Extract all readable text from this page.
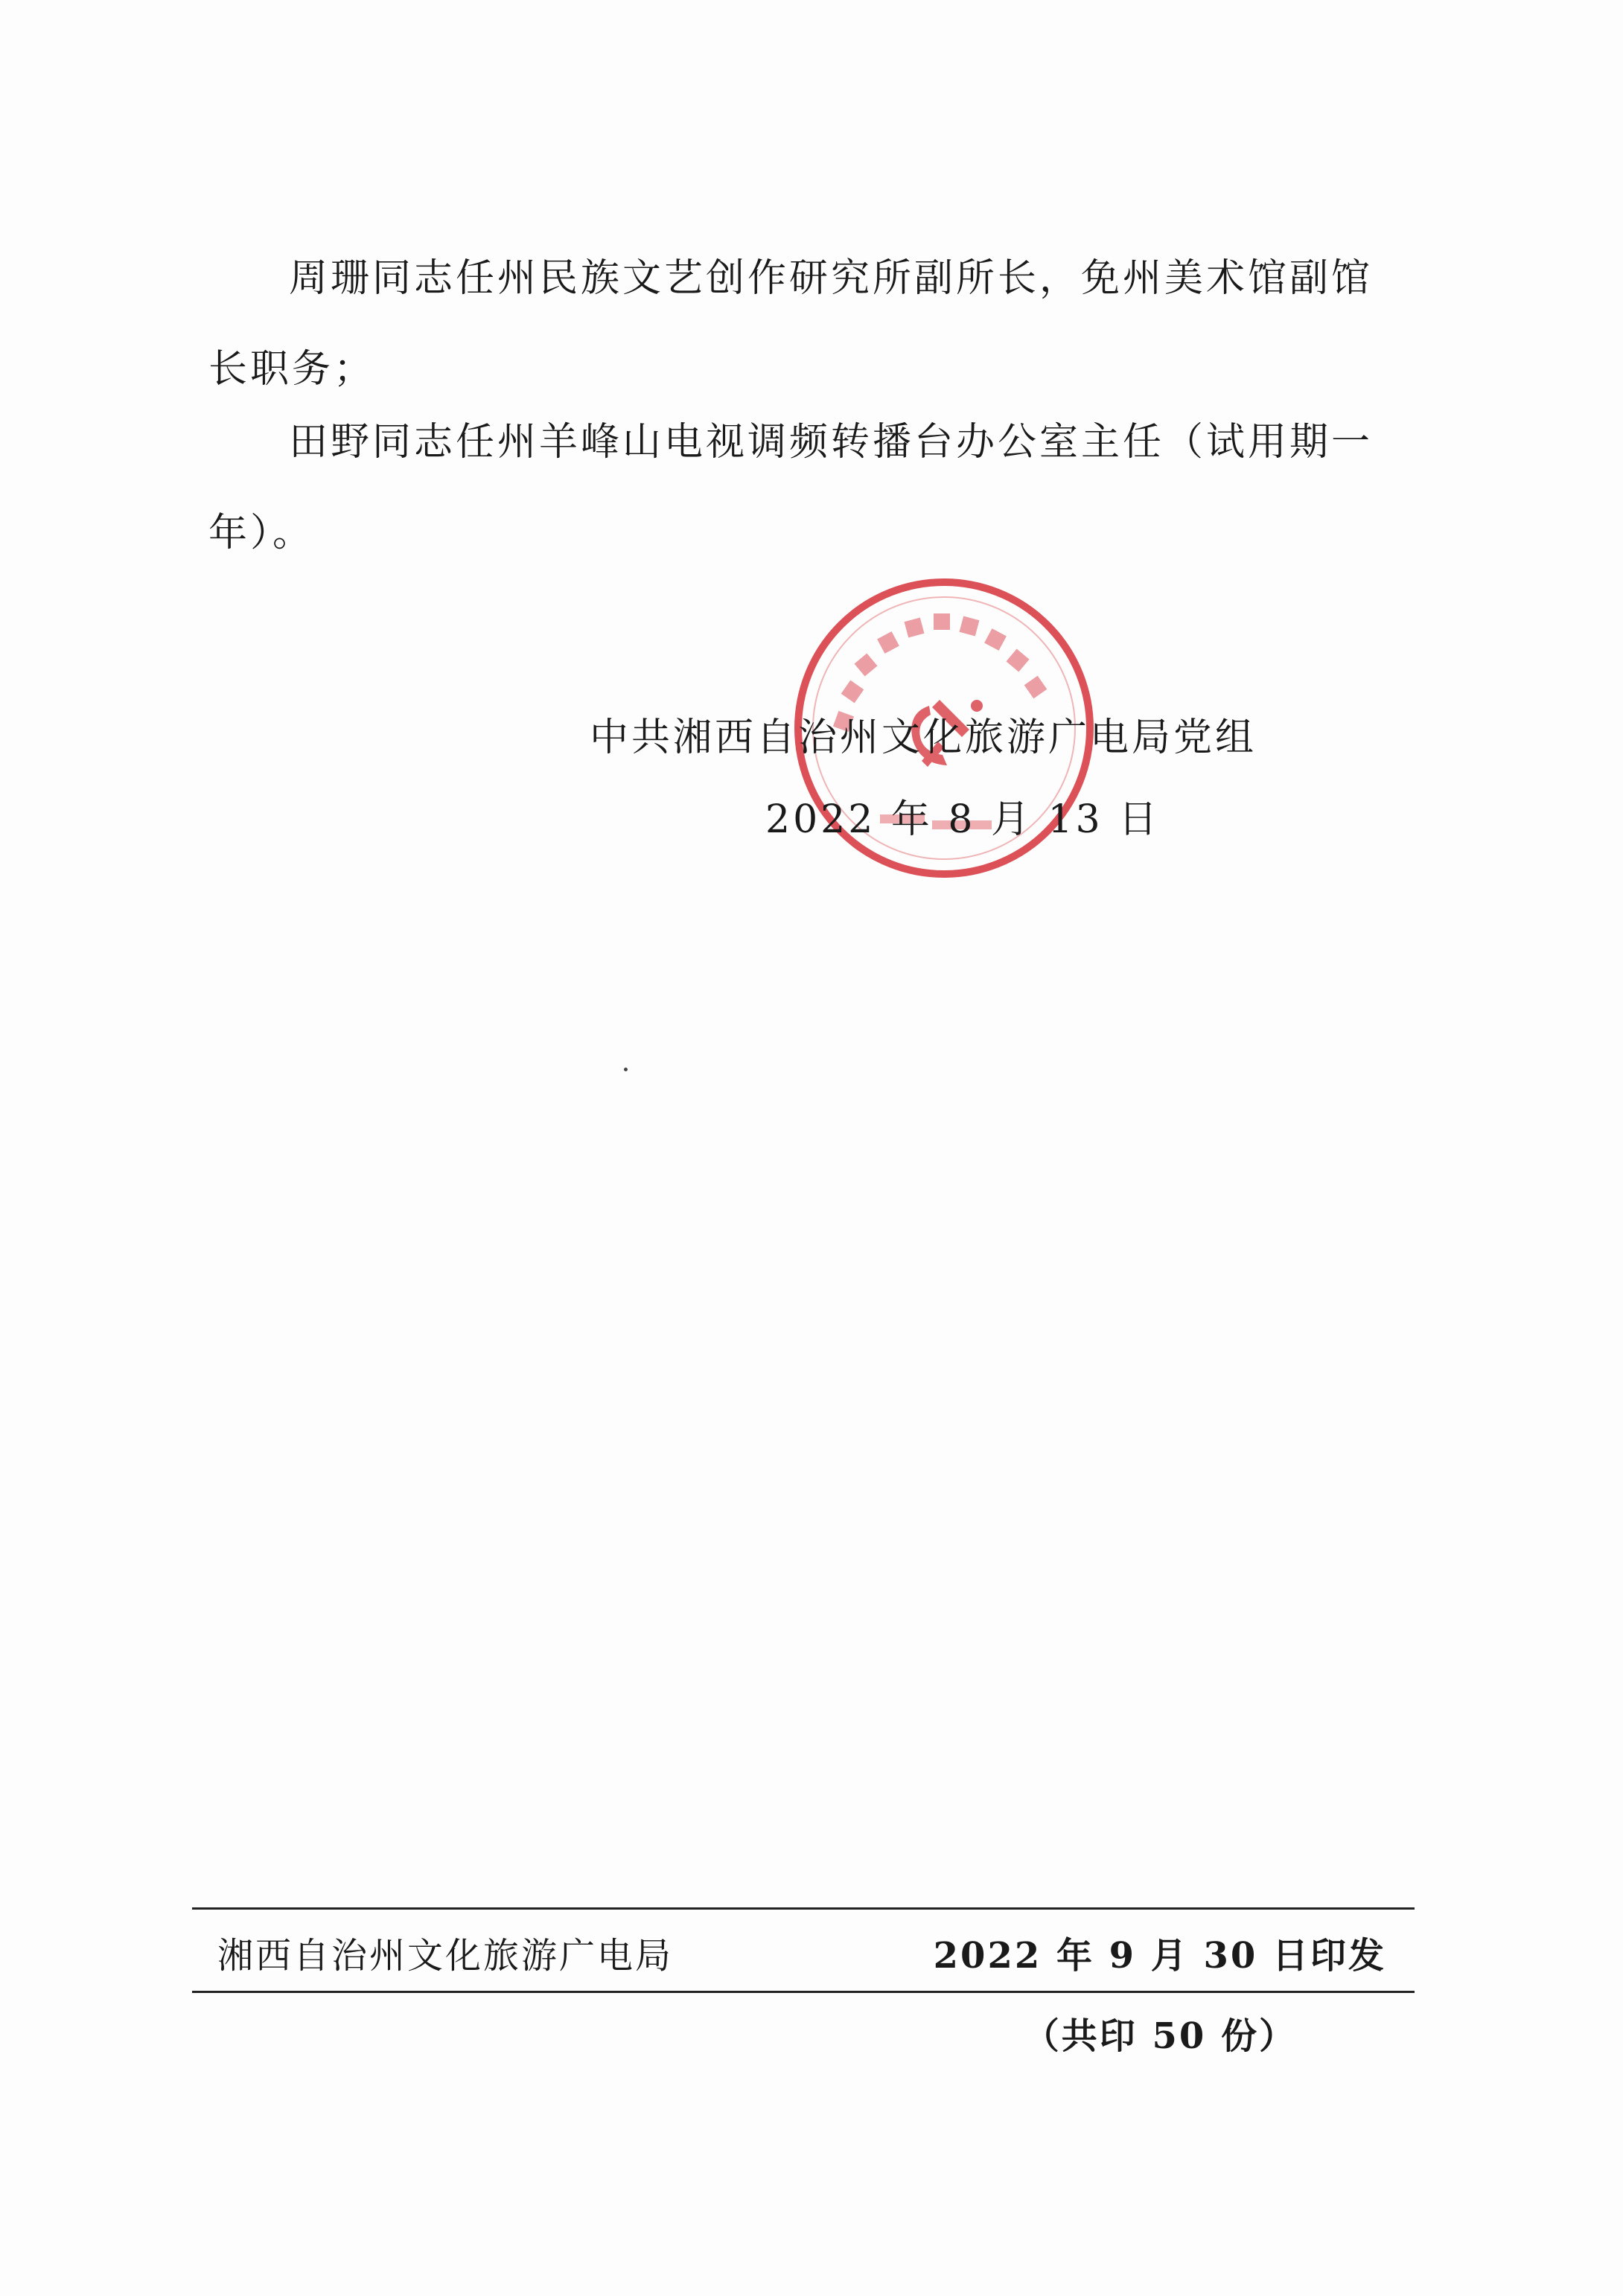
周珊同志任州民族文艺创作研究所副所长，免州美术馆副馆长职务；

田野同志任州羊峰山电视调频转播台办公室主任（试用期一年）。

中共湘西自治州文化旅游广电局党组
2022 年 8 月 13 日
湘西自治州文化旅游广电局	2022 年 9 月 30 日印发
（共印 50 份）
